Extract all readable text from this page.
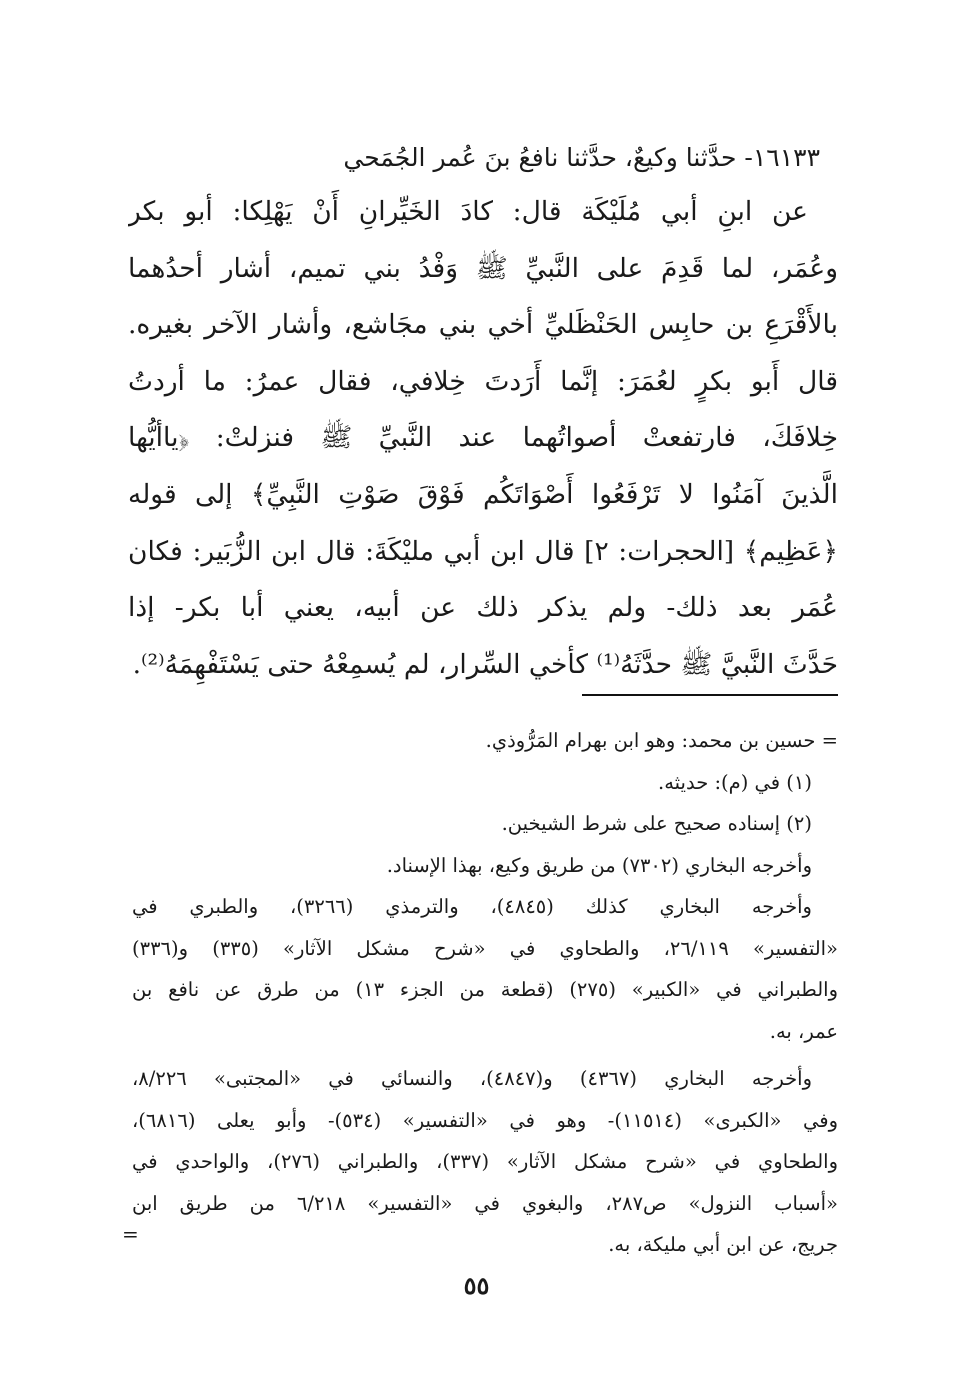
١٦١٣٣- حدَّثنا وكيعٌ، حدَّثنا نافعُ بنَ عُمر الجُمَحي
عن ابنِ أبي مُلَيْكَة قال: كادَ الخَيِّرانِ أَنْ يَهْلِكا: أبو بكر
وعُمَر، لما قَدِمَ على النَّبيِّ ﷺ وَفْدُ بني تميم، أشار أحدُهما
بالأَقْرَعِ بن حابِس الحَنْظَليِّ أخي بني مجَاشع، وأشار الآخر بغيره.
قال أَبو بكرٍ لعُمَرَ: إنَّما أَرَدتَ خِلافي، فقال عمرُ: ما أردتُ
خِلافَكَ، فارتفعتْ أصواتُهما عند النَّبيِّ ﷺ فنزلتْ: ﴿ياأيُّها
الَّذينَ آمَنُوا لا تَرْفَعُوا أَصْوَاتَكُم فَوْقَ صَوْتِ النَّبِيِّ﴾ إلى قوله
﴿عَظِيم﴾ [الحجرات: ٢] قال ابن أبي مليْكَةَ: قال ابن الزُّبَير: فكان
عُمَر بعد ذلك- ولم يذكر ذلك عن أبيه، يعني أبا بكر- إذا
حَدَّثَ النَّبيَّ ﷺ حدَّثَهُ⁽¹⁾ كأخي السِّرار، لم يُسمِعْهُ حتى يَسْتَفْهِمَهُ⁽²⁾.
= حسين بن محمد: وهو ابن بهرام المَرُّوذي.
(١) في (م): حديثه.
(٢) إسناده صحيح على شرط الشيخين.
وأخرجه البخاري (٧٣٠٢) من طريق وكيع، بهذا الإسناد.
وأخرجه البخاري كذلك (٤٨٤٥)، والترمذي (٣٢٦٦)، والطبري في
«التفسير» ٢٦/١١٩، والطحاوي في «شرح مشكل الآثار» (٣٣٥) و(٣٣٦)
والطبراني في «الكبير» (٢٧٥) (قطعة من الجزء ١٣) من طرق عن نافع بن
عمر، به.
وأخرجه البخاري (٤٣٦٧) و(٤٨٤٧)، والنسائي في «المجتبى» ٨/٢٢٦،
وفي «الكبرى» (١١٥١٤)- وهو في «التفسير» (٥٣٤)- وأبو يعلى (٦٨١٦)،
والطحاوي في «شرح مشكل الآثار» (٣٣٧)، والطبراني (٢٧٦)، والواحدي في
«أسباب النزول» ص٢٨٧، والبغوي في «التفسير» ٦/٢١٨ من طريق ابن
جريج، عن ابن أبي مليكة، به.
=
٥٥
